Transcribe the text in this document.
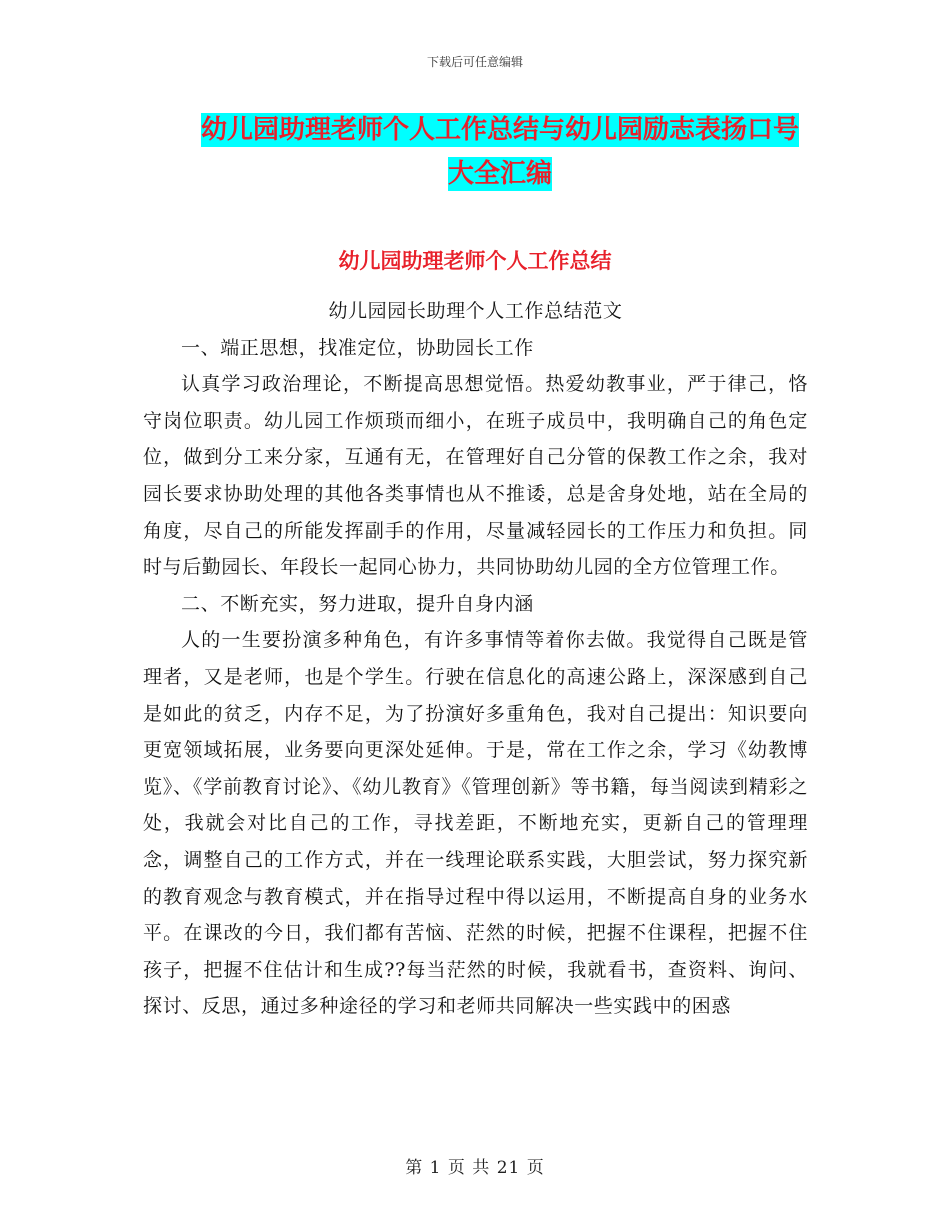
下载后可任意编辑
幼儿园助理老师个人工作总结与幼儿园励志表扬口号大全汇编
幼儿园助理老师个人工作总结

幼儿园园长助理个人工作总结范文

一、端正思想，找准定位，协助园长工作

认真学习政治理论，不断提高思想觉悟。热爱幼教事业，严于律己，恪守岗位职责。幼儿园工作烦琐而细小，在班子成员中，我明确自己的角色定位，做到分工来分家，互通有无，在管理好自己分管的保教工作之余，我对园长要求协助处理的其他各类事情也从不推诿，总是舍身处地，站在全局的角度，尽自己的所能发挥副手的作用，尽量减轻园长的工作压力和负担。同时与后勤园长、年段长一起同心协力，共同协助幼儿园的全方位管理工作。

二、不断充实，努力进取，提升自身内涵

人的一生要扮演多种角色，有许多事情等着你去做。我觉得自己既是管理者，又是老师，也是个学生。行驶在信息化的高速公路上，深深感到自己是如此的贫乏，内存不足，为了扮演好多重角色，我对自己提出：知识要向更宽领域拓展，业务要向更深处延伸。于是，常在工作之余，学习《幼教博览》、《学前教育讨论》、《幼儿教育》《管理创新》等书籍，每当阅读到精彩之处，我就会对比自己的工作，寻找差距，不断地充实，更新自己的管理理念，调整自己的工作方式，并在一线理论联系实践，大胆尝试，努力探究新的教育观念与教育模式，并在指导过程中得以运用，不断提高自身的业务水平。在课改的今日，我们都有苦恼、茫然的时候，把握不住课程，把握不住孩子，把握不住估计和生成??每当茫然的时候，我就看书，查资料、询问、探讨、反思，通过多种途径的学习和老师共同解决一些实践中的困惑

第 1 页 共 21 页
